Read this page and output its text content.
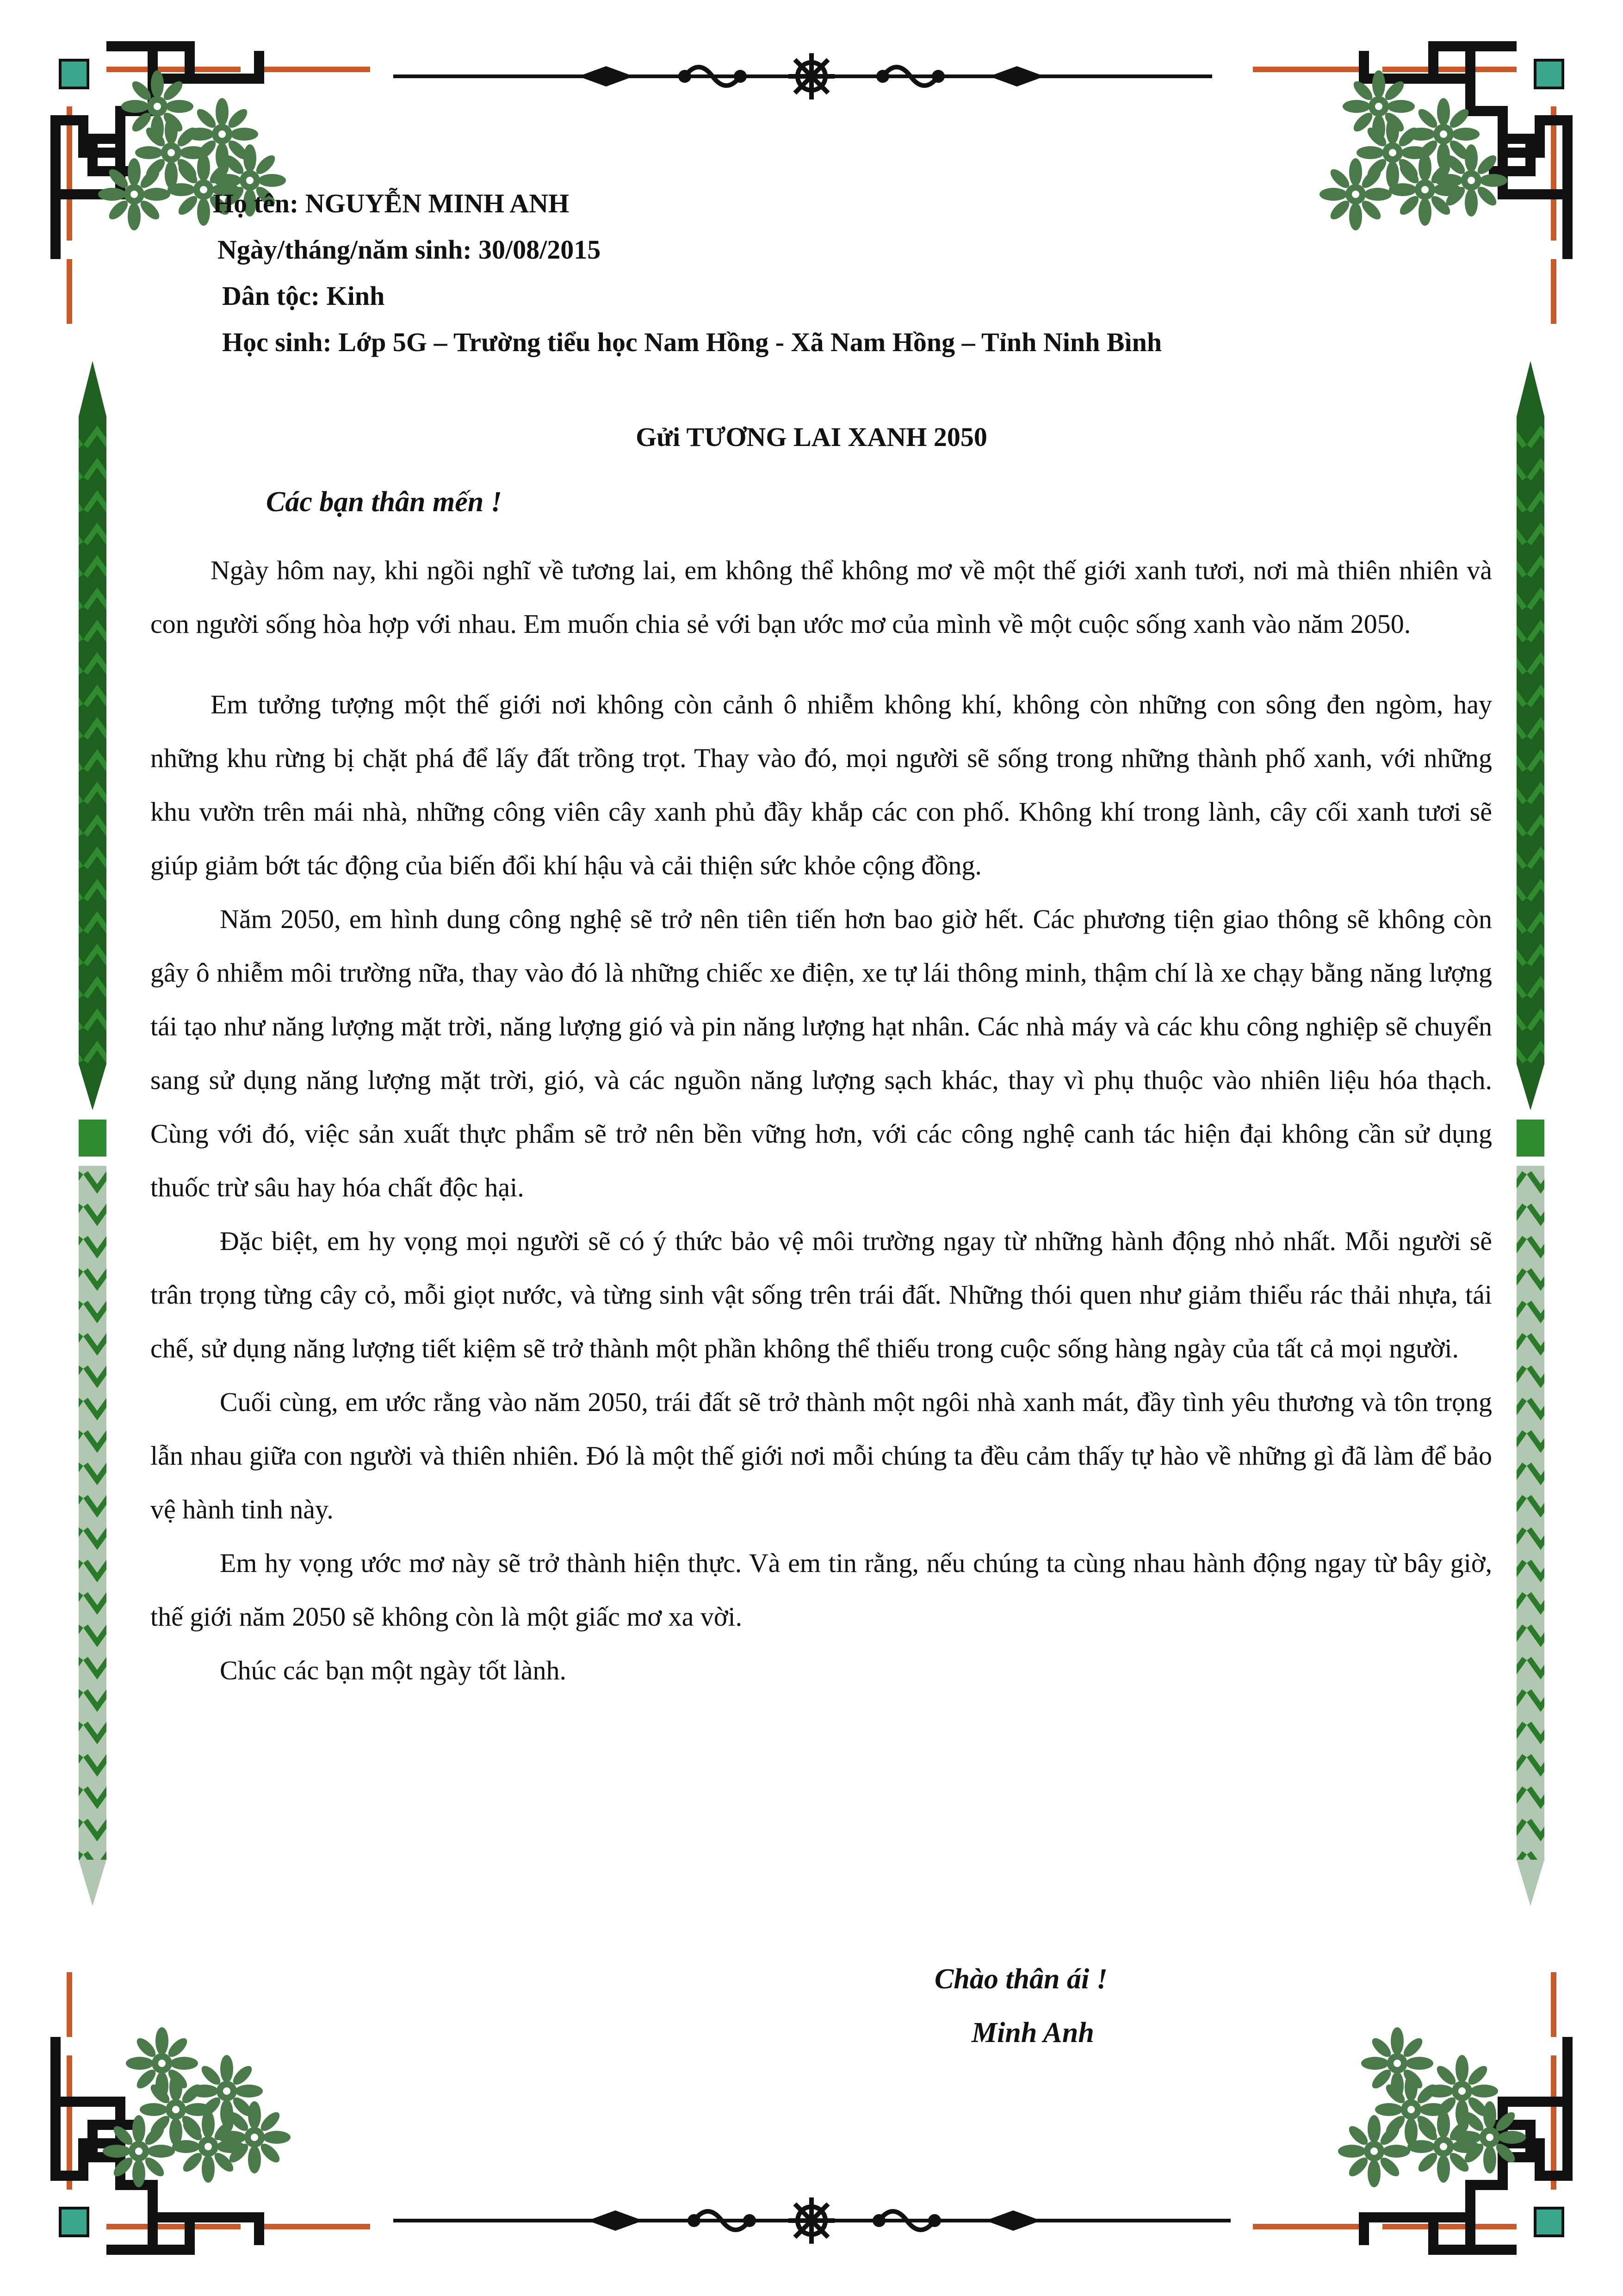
Họ tên: NGUYỄN MINH ANH
Ngày/tháng/năm sinh: 30/08/2015
Dân tộc: Kinh
Học sinh: Lớp 5G – Trường tiểu học Nam Hồng - Xã Nam Hồng – Tỉnh Ninh Bình
Gửi TƯƠNG LAI XANH 2050
Các bạn thân mến !

Ngày hôm nay, khi ngồi nghĩ về tương lai, em không thể không mơ về một thế giới xanh tươi, nơi mà thiên nhiên và con người sống hòa hợp với nhau. Em muốn chia sẻ với bạn ước mơ của mình về một cuộc sống xanh vào năm 2050.

Em tưởng tượng một thế giới nơi không còn cảnh ô nhiễm không khí, không còn những con sông đen ngòm, hay những khu rừng bị chặt phá để lấy đất trồng trọt. Thay vào đó, mọi người sẽ sống trong những thành phố xanh, với những khu vườn trên mái nhà, những công viên cây xanh phủ đầy khắp các con phố. Không khí trong lành, cây cối xanh tươi sẽ giúp giảm bớt tác động của biến đổi khí hậu và cải thiện sức khỏe cộng đồng.

Năm 2050, em hình dung công nghệ sẽ trở nên tiên tiến hơn bao giờ hết. Các phương tiện giao thông sẽ không còn gây ô nhiễm môi trường nữa, thay vào đó là những chiếc xe điện, xe tự lái thông minh, thậm chí là xe chạy bằng năng lượng tái tạo như năng lượng mặt trời, năng lượng gió và pin năng lượng hạt nhân. Các nhà máy và các khu công nghiệp sẽ chuyển sang sử dụng năng lượng mặt trời, gió, và các nguồn năng lượng sạch khác, thay vì phụ thuộc vào nhiên liệu hóa thạch. Cùng với đó, việc sản xuất thực phẩm sẽ trở nên bền vững hơn, với các công nghệ canh tác hiện đại không cần sử dụng thuốc trừ sâu hay hóa chất độc hại.

Đặc biệt, em hy vọng mọi người sẽ có ý thức bảo vệ môi trường ngay từ những hành động nhỏ nhất. Mỗi người sẽ trân trọng từng cây cỏ, mỗi giọt nước, và từng sinh vật sống trên trái đất. Những thói quen như giảm thiểu rác thải nhựa, tái chế, sử dụng năng lượng tiết kiệm sẽ trở thành một phần không thể thiếu trong cuộc sống hàng ngày của tất cả mọi người.

Cuối cùng, em ước rằng vào năm 2050, trái đất sẽ trở thành một ngôi nhà xanh mát, đầy tình yêu thương và tôn trọng lẫn nhau giữa con người và thiên nhiên. Đó là một thế giới nơi mỗi chúng ta đều cảm thấy tự hào về những gì đã làm để bảo vệ hành tinh này.

Em hy vọng ước mơ này sẽ trở thành hiện thực. Và em tin rằng, nếu chúng ta cùng nhau hành động ngay từ bây giờ, thế giới năm 2050 sẽ không còn là một giấc mơ xa vời.

Chúc các bạn một ngày tốt lành.

Chào thân ái !
Minh Anh
